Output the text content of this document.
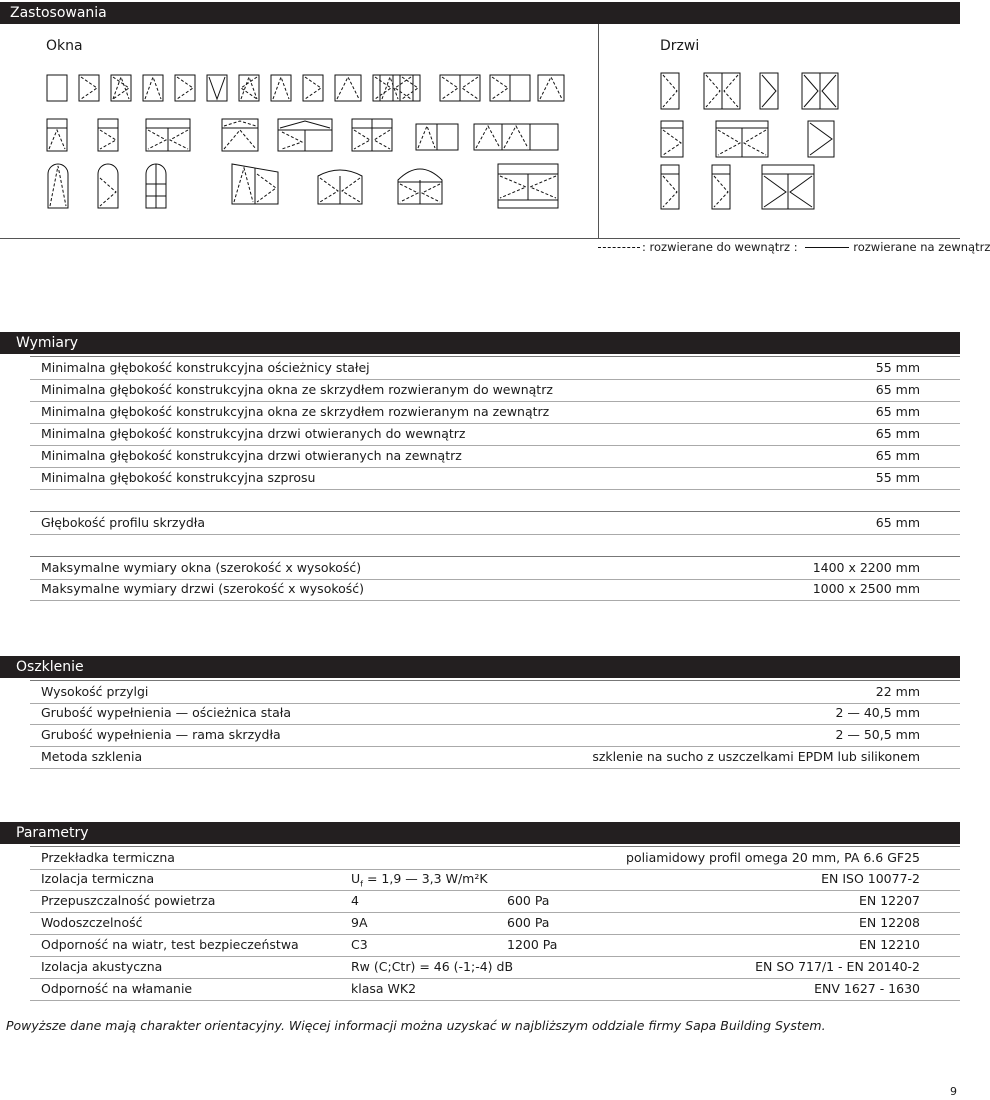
Zastosowania
Okna	Drzwi
: rozwierane do wewnątrz :	rozwierane na zewnątrz
Wymiary
Minimalna głębokość konstrukcyjna ościeżnicy stałej	55 mm
Minimalna głębokość konstrukcyjna okna ze skrzydłem rozwieranym do wewnątrz	65 mm
Minimalna głębokość konstrukcyjna okna ze skrzydłem rozwieranym na zewnątrz	65 mm
Minimalna głębokość konstrukcyjna drzwi otwieranych do wewnątrz	65 mm
Minimalna głębokość konstrukcyjna drzwi otwieranych na zewnątrz	65 mm
Minimalna głębokość konstrukcyjna szprosu	55 mm
Głębokość profilu skrzydła	65 mm
Maksymalne wymiary okna (szerokość x wysokość)	1400 x 2200 mm
Maksymalne wymiary drzwi (szerokość x wysokość)	1000 x 2500 mm
Oszklenie
Wysokość przylgi	22 mm
Grubość wypełnienia — ościeżnica stała	2 — 40,5 mm
Grubość wypełnienia — rama skrzydła	2 — 50,5 mm
Metoda szklenia	szklenie na sucho z uszczelkami EPDM lub silikonem
Parametry
Przekładka termiczna	poliamidowy profil omega 20 mm, PA 6.6 GF25
Izolacja termiczna	$U_f = 1,9$ — 3,3 W/m²K	EN ISO 10077-2
Przepuszczalność powietrza	4	600 Pa	EN 12207
Wodoszczelność	9A	600 Pa	EN 12208
Odporność na wiatr, test bezpieczeństwa	C3	1200 Pa	EN 12210
Izolacja akustyczna	Rw (C;Ctr) = 46 (-1;-4) dB	EN SO 717/1 - EN 20140-2
Odporność na włamanie	klasa WK2	ENV 1627 - 1630
Powyższe dane mają charakter orientacyjny. Więcej informacji można uzyskać w najbliższym oddziale firmy Sapa Building System.
9
